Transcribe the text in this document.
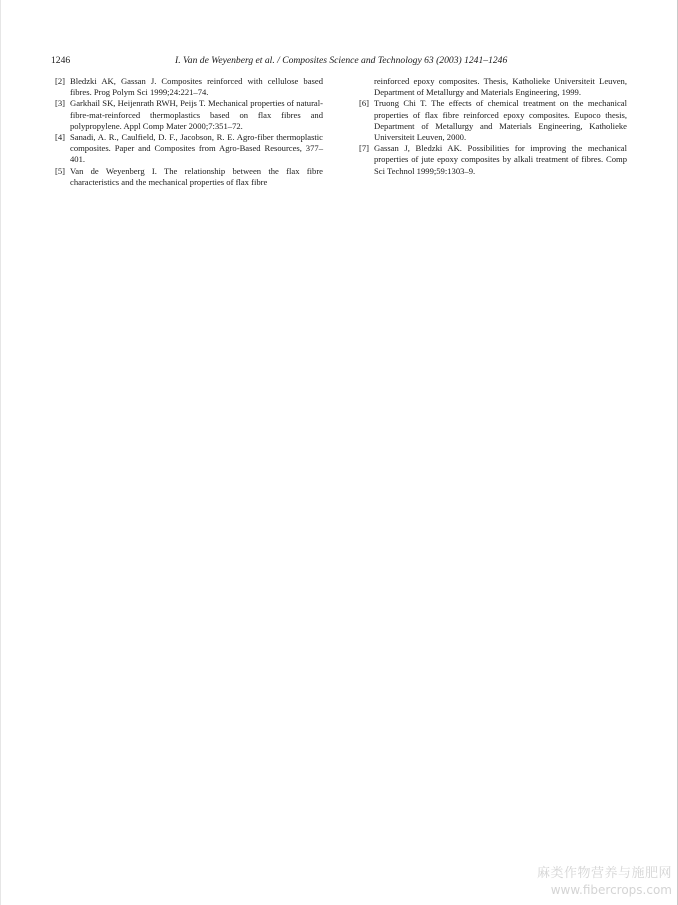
1246	I. Van de Weyenberg et al. / Composites Science and Technology 63 (2003) 1241–1246

[2] Bledzki AK, Gassan J. Composites reinforced with cellulose based fibres. Prog Polym Sci 1999;24:221–74.

[3] Garkhail SK, Heijenrath RWH, Peijs T. Mechanical properties of natural-fibre-mat-reinforced thermoplastics based on flax fibres and polypropylene. Appl Comp Mater 2000;7:351–72.

[4] Sanadi, A. R., Caulfield, D. F., Jacobson, R. E. Agro-fiber thermoplastic composites. Paper and Composites from Agro-Based Resources, 377–401.

[5] Van de Weyenberg I. The relationship between the flax fibre characteristics and the mechanical properties of flax fibre

reinforced epoxy composites. Thesis, Katholieke Universiteit Leuven, Department of Metallurgy and Materials Engineering, 1999.

[6] Truong Chi T. The effects of chemical treatment on the mechanical properties of flax fibre reinforced epoxy composites. Eupoco thesis, Department of Metallurgy and Materials Engineering, Katholieke Universiteit Leuven, 2000.

[7] Gassan J, Bledzki AK. Possibilities for improving the mechanical properties of jute epoxy composites by alkali treatment of fibres. Comp Sci Technol 1999;59:1303–9.

麻类作物营养与施肥网
www.fibercrops.com
